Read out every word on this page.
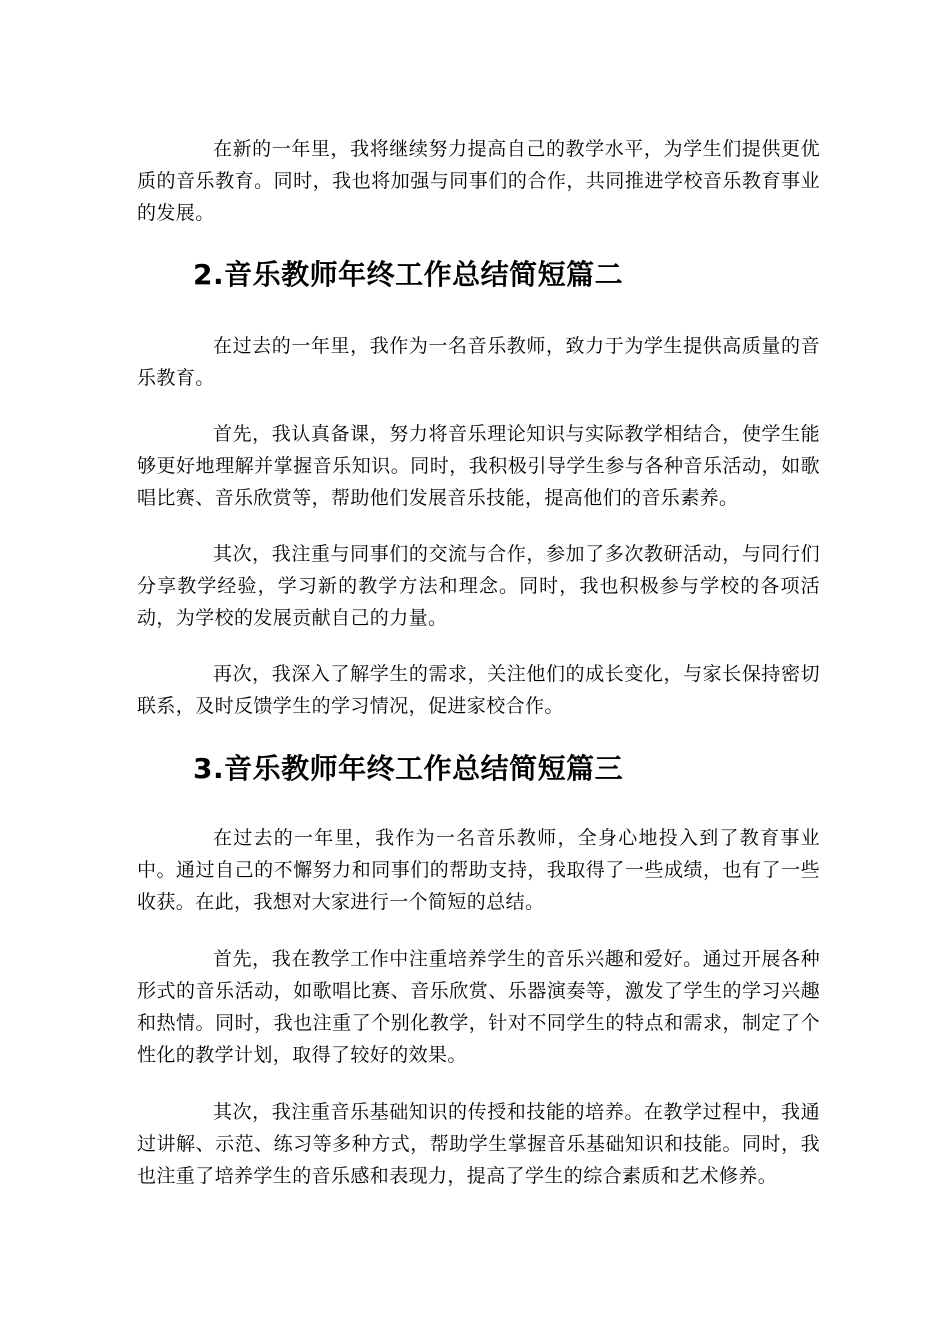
在新的一年里，我将继续努力提高自己的教学水平，为学生们提供更优质的音乐教育。同时，我也将加强与同事们的合作，共同推进学校音乐教育事业的发展。

2.音乐教师年终工作总结简短篇二

在过去的一年里，我作为一名音乐教师，致力于为学生提供高质量的音乐教育。

首先，我认真备课，努力将音乐理论知识与实际教学相结合，使学生能够更好地理解并掌握音乐知识。同时，我积极引导学生参与各种音乐活动，如歌唱比赛、音乐欣赏等，帮助他们发展音乐技能，提高他们的音乐素养。

其次，我注重与同事们的交流与合作，参加了多次教研活动，与同行们分享教学经验，学习新的教学方法和理念。同时，我也积极参与学校的各项活动，为学校的发展贡献自己的力量。

再次，我深入了解学生的需求，关注他们的成长变化，与家长保持密切联系，及时反馈学生的学习情况，促进家校合作。

3.音乐教师年终工作总结简短篇三

在过去的一年里，我作为一名音乐教师，全身心地投入到了教育事业中。通过自己的不懈努力和同事们的帮助支持，我取得了一些成绩，也有了一些收获。在此，我想对大家进行一个简短的总结。

首先，我在教学工作中注重培养学生的音乐兴趣和爱好。通过开展各种形式的音乐活动，如歌唱比赛、音乐欣赏、乐器演奏等，激发了学生的学习兴趣和热情。同时，我也注重了个别化教学，针对不同学生的特点和需求，制定了个性化的教学计划，取得了较好的效果。

其次，我注重音乐基础知识的传授和技能的培养。在教学过程中，我通过讲解、示范、练习等多种方式，帮助学生掌握音乐基础知识和技能。同时，我也注重了培养学生的音乐感和表现力，提高了学生的综合素质和艺术修养。
